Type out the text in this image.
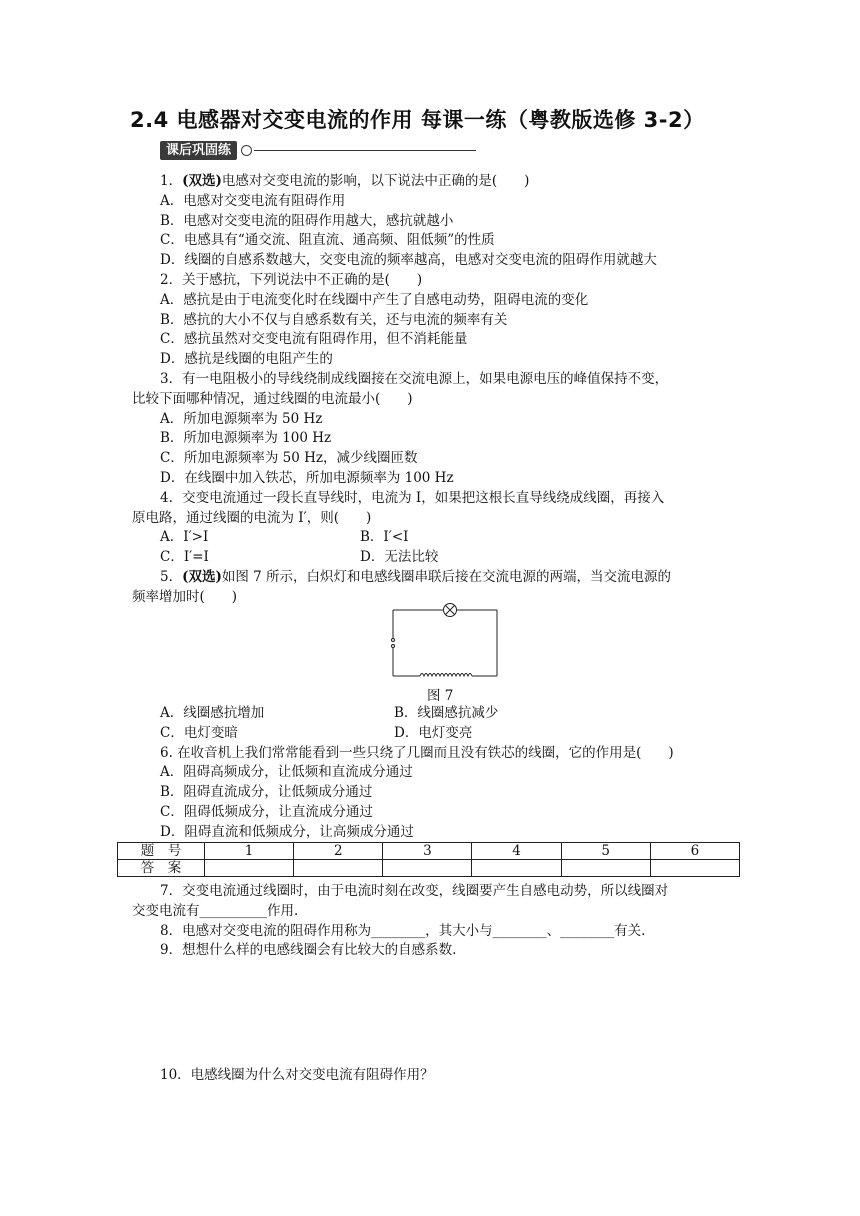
2.4 电感器对交变电流的作用 每课一练（粤教版选修 3-2）
课后巩固练
1．(双选)电感对交变电流的影响，以下说法中正确的是(　　)
A．电感对交变电流有阻碍作用
B．电感对交变电流的阻碍作用越大，感抗就越小
C．电感具有“通交流、阻直流、通高频、阻低频”的性质
D．线圈的自感系数越大，交变电流的频率越高，电感对交变电流的阻碍作用就越大
2．关于感抗，下列说法中不正确的是(　　)
A．感抗是由于电流变化时在线圈中产生了自感电动势，阻碍电流的变化
B．感抗的大小不仅与自感系数有关，还与电流的频率有关
C．感抗虽然对交变电流有阻碍作用，但不消耗能量
D．感抗是线圈的电阻产生的
3．有一电阻极小的导线绕制成线圈接在交流电源上，如果电源电压的峰值保持不变，
比较下面哪种情况，通过线圈的电流最小(　　)
A．所加电源频率为 50 Hz
B．所加电源频率为 100 Hz
C．所加电源频率为 50 Hz，减少线圈匝数
D．在线圈中加入铁芯，所加电源频率为 100 Hz
4．交变电流通过一段长直导线时，电流为 I，如果把这根长直导线绕成线圈，再接入
原电路，通过线圈的电流为 I′，则(　　)
A．I′>I	B．I′<I
C．I′=I	D．无法比较
5．(双选)如图 7 所示，白炽灯和电感线圈串联后接在交流电源的两端，当交流电源的
频率增加时(　　)
图 7
A．线圈感抗增加	B．线圈感抗减少
C．电灯变暗	D．电灯变亮
6. 在收音机上我们常常能看到一些只绕了几圈而且没有铁芯的线圈，它的作用是(　　)
A．阻碍高频成分，让低频和直流成分通过
B．阻碍直流成分，让低频成分通过
C．阻碍低频成分，让直流成分通过
D．阻碍直流和低频成分，让高频成分通过
题　号	1	2	3	4	5	6
答　案						
7．交变电流通过线圈时，由于电流时刻在改变，线圈要产生自感电动势，所以线圈对
交变电流有__________作用.
8．电感对交变电流的阻碍作用称为________，其大小与________、________有关.
9．想想什么样的电感线圈会有比较大的自感系数.
10．电感线圈为什么对交变电流有阻碍作用？
